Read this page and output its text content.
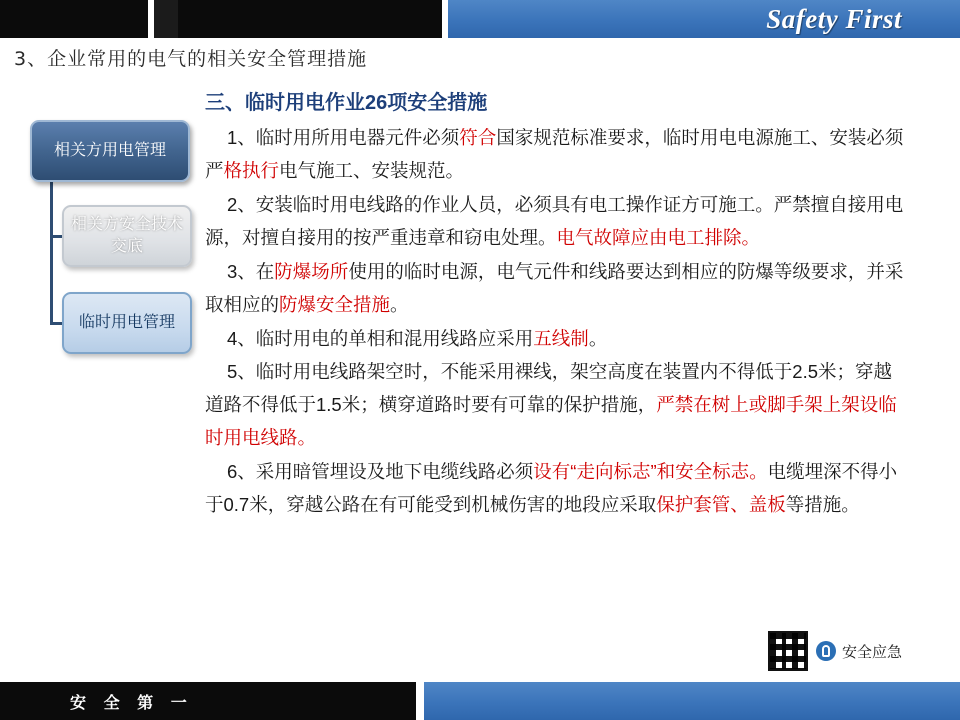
Safety First
3、企业常用的电气的相关安全管理措施
相关方用电管理
相关方安全技术交底
临时用电管理
三、临时用电作业26项安全措施

1、临时用所用电器元件必须符合国家规范标准要求，临时用电电源施工、安装必须严格执行电气施工、安装规范。

2、安装临时用电线路的作业人员，必须具有电工操作证方可施工。严禁擅自接用电源，对擅自接用的按严重违章和窃电处理。电气故障应由电工排除。

3、在防爆场所使用的临时电源，电气元件和线路要达到相应的防爆等级要求，并采取相应的防爆安全措施。

4、临时用电的单相和混用线路应采用五线制。

5、临时用电线路架空时，不能采用裸线，架空高度在装置内不得低于2.5米；穿越道路不得低于1.5米；横穿道路时要有可靠的保护措施，严禁在树上或脚手架上架设临时用电线路。

6、采用暗管埋设及地下电缆线路必须设有“走向标志”和安全标志。电缆埋深不得小于0.7米，穿越公路在有可能受到机械伤害的地段应采取保护套管、盖板等措施。

安全应急
安 全 第 一
